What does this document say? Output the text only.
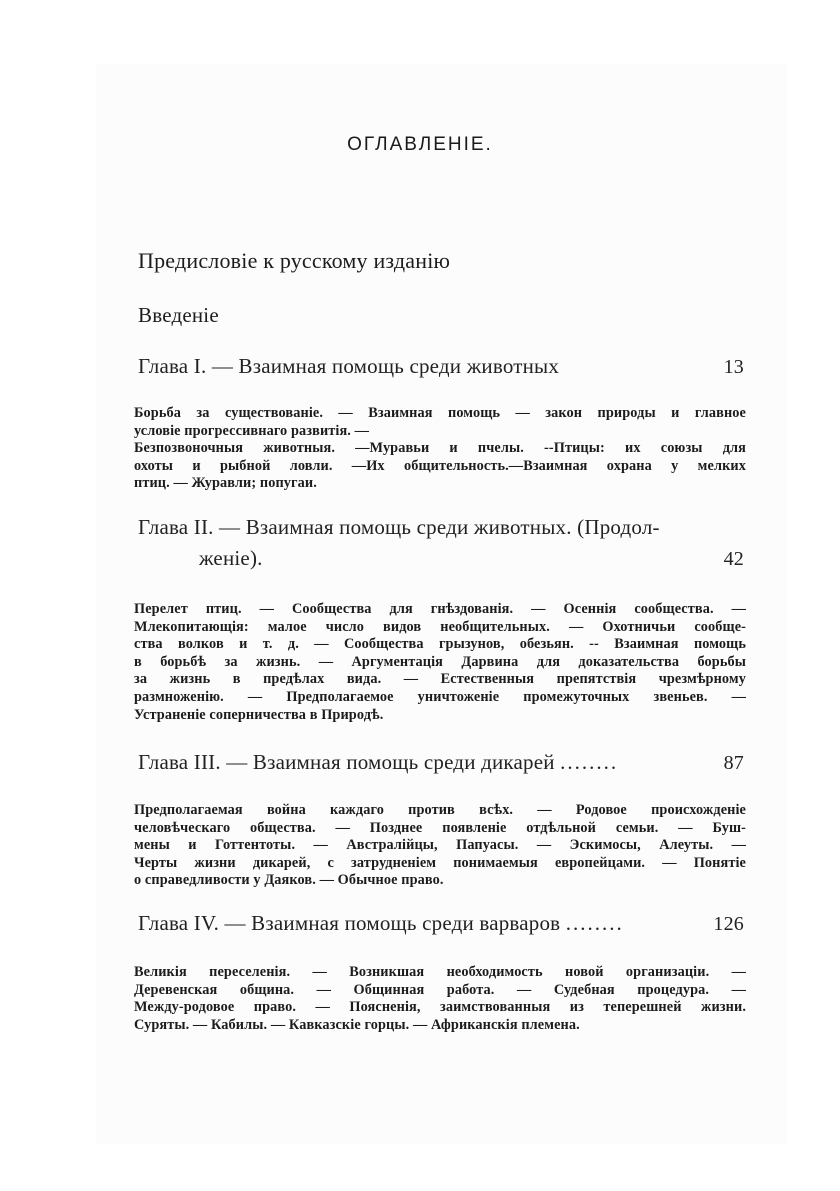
ОГЛАВЛЕНІЕ.
Предисловіе к русскому изданію
Введеніе
Глава I. — Взаимная помощь среди животных	13
Борьба за существованіе. — Взаимная помощь — закон природы и главное
условіе прогрессивнаго развитія. —
Безпозвоночныя животныя. —Муравьи и пчелы. --Птицы: их союзы для
охоты и рыбной ловли. —Их общительность.—Взаимная охрана у мелких
птиц. — Журавли; попугаи.
Глава II. — Взаимная помощь среди животных. (Продол-
женіе).	42
Перелет птиц. — Сообщества для гнѣздованія. — Осеннія сообщества. —
Млекопитающія: малое число видов необщительных. — Охотничьи сообще-
ства волков и т. д. — Сообщества грызунов, обезьян. -- Взаимная помощь
в борьбѣ за жизнь. — Аргументація Дарвина для доказательства борьбы
за жизнь в предѣлах вида. — Естественныя препятствія чрезмѣрному
размноженію. — Предполагаемое уничтоженіе промежуточных звеньев. —
Устраненіе соперничества в Природѣ.
Глава III. — Взаимная помощь среди дикарей ........	87
Предполагаемая война каждаго против всѣх. — Родовое происхожденіе
человѣческаго общества. — Позднее появленіе отдѣльной семьи. — Буш-
мены и Готтентоты. — Австралійцы, Папуасы. — Эскимосы, Алеуты. —
Черты жизни дикарей, с затрудненіем понимаемыя европейцами. — Понятіе
о справедливости у Даяков. — Обычное право.
Глава IV. — Взаимная помощь среди варваров ........	126
Великія переселенія. — Возникшая необходимость новой организаціи. —
Деревенская община. — Общинная работа. — Судебная процедура. —
Между-родовое право. — Поясненія, заимствованныя из теперешней жизни.
Суряты. — Кабилы. — Кавказскіе горцы. — Африканскія племена.
